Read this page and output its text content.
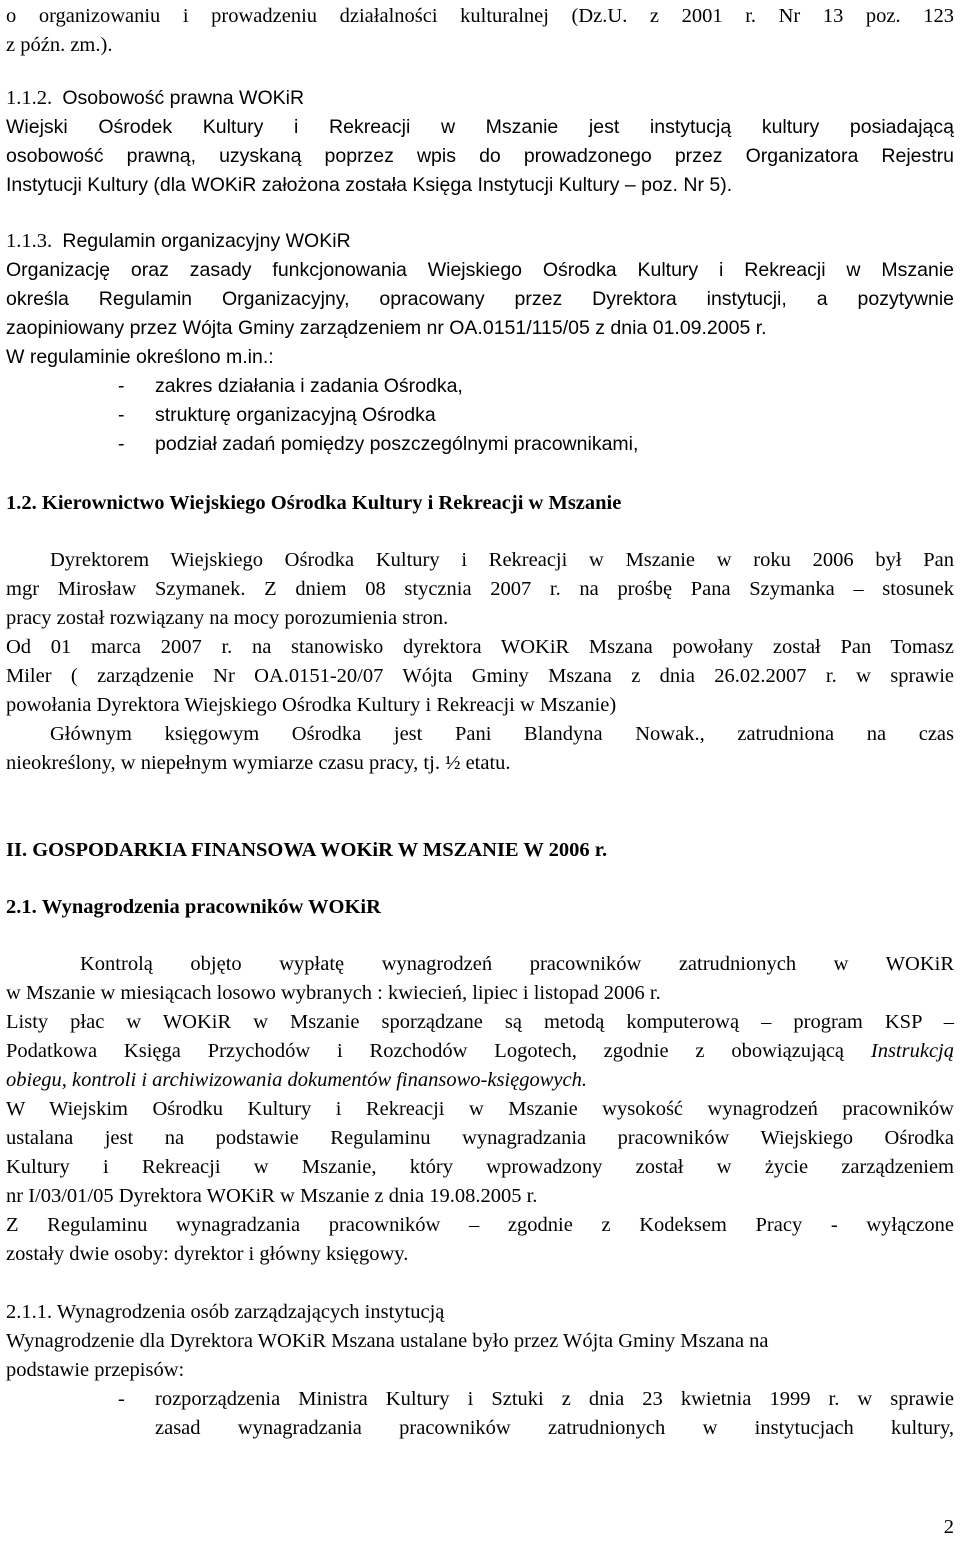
o organizowaniu i prowadzeniu działalności kulturalnej (Dz.U. z 2001 r. Nr 13 poz. 123
z późn. zm.).
1.1.2. Osobowość prawna WOKiR
Wiejski Ośrodek Kultury i Rekreacji w Mszanie jest instytucją kultury posiadającą
osobowość prawną, uzyskaną poprzez wpis do prowadzonego przez Organizatora Rejestru
Instytucji Kultury (dla WOKiR założona została Księga Instytucji Kultury – poz. Nr 5).
1.1.3. Regulamin organizacyjny WOKiR
Organizację oraz zasady funkcjonowania Wiejskiego Ośrodka Kultury i Rekreacji w Mszanie
określa Regulamin Organizacyjny, opracowany przez Dyrektora instytucji, a pozytywnie
zaopiniowany przez Wójta Gminy zarządzeniem nr OA.0151/115/05 z dnia 01.09.2005 r.
W regulaminie określono m.in.:
- zakres działania i zadania Ośrodka,
- strukturę organizacyjną Ośrodka
- podział zadań pomiędzy poszczególnymi pracownikami,
1.2. Kierownictwo Wiejskiego Ośrodka Kultury i Rekreacji w Mszanie
Dyrektorem Wiejskiego Ośrodka Kultury i Rekreacji w Mszanie w roku 2006 był Pan
mgr Mirosław Szymanek. Z dniem 08 stycznia 2007 r. na prośbę Pana Szymanka – stosunek
pracy został rozwiązany na mocy porozumienia stron.
Od 01 marca 2007 r. na stanowisko dyrektora WOKiR Mszana powołany został Pan Tomasz
Miler ( zarządzenie Nr OA.0151-20/07 Wójta Gminy Mszana z dnia 26.02.2007 r. w sprawie
powołania Dyrektora Wiejskiego Ośrodka Kultury i Rekreacji w Mszanie)
Głównym księgowym Ośrodka jest Pani Blandyna Nowak., zatrudniona na czas
nieokreślony, w niepełnym wymiarze czasu pracy, tj. ½ etatu.
II. GOSPODARKIA FINANSOWA WOKiR W MSZANIE W 2006 r.
2.1. Wynagrodzenia pracowników WOKiR
Kontrolą objęto wypłatę wynagrodzeń pracowników zatrudnionych w WOKiR
w Mszanie w miesiącach losowo wybranych : kwiecień, lipiec i listopad 2006 r.
Listy płac w WOKiR w Mszanie sporządzane są metodą komputerową – program KSP –
Podatkowa Księga Przychodów i Rozchodów Logotech, zgodnie z obowiązującą Instrukcją
obiegu, kontroli i archiwizowania dokumentów finansowo-księgowych.
W Wiejskim Ośrodku Kultury i Rekreacji w Mszanie wysokość wynagrodzeń pracowników
ustalana jest na podstawie Regulaminu wynagradzania pracowników Wiejskiego Ośrodka
Kultury i Rekreacji w Mszanie, który wprowadzony został w życie zarządzeniem
nr I/03/01/05 Dyrektora WOKiR w Mszanie z dnia 19.08.2005 r.
Z Regulaminu wynagradzania pracowników – zgodnie z Kodeksem Pracy - wyłączone
zostały dwie osoby: dyrektor i główny księgowy.
2.1.1. Wynagrodzenia osób zarządzających instytucją
Wynagrodzenie dla Dyrektora WOKiR Mszana ustalane było przez Wójta Gminy Mszana na
podstawie przepisów:
- rozporządzenia Ministra Kultury i Sztuki z dnia 23 kwietnia 1999 r. w sprawie
zasad wynagradzania pracowników zatrudnionych w instytucjach kultury,
2
